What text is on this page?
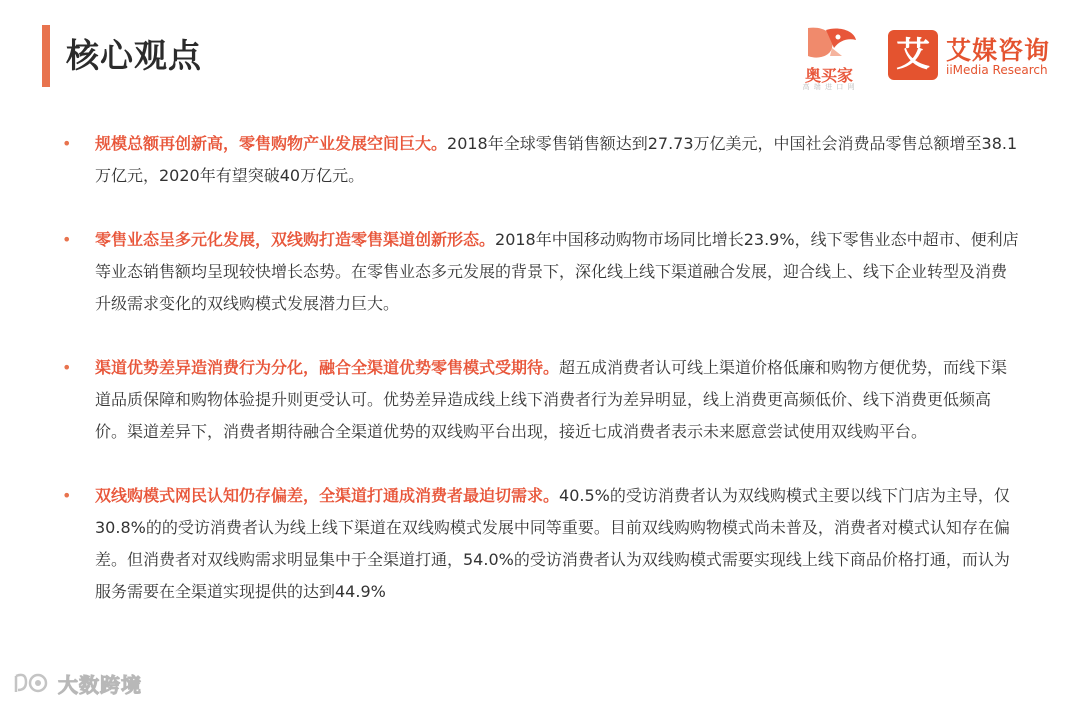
核心观点
奥买家
高 端 进 口 网
艾 艾媒咨询
iiMedia Research
• 规模总额再创新高，零售购物产业发展空间巨大。2018年全球零售销售额达到27.73万亿美元，中国社会消费品零售总额增至38.1万亿元，2020年有望突破40万亿元。
• 零售业态呈多元化发展，双线购打造零售渠道创新形态。2018年中国移动购物市场同比增长23.9%，线下零售业态中超市、便利店等业态销售额均呈现较快增长态势。在零售业态多元发展的背景下，深化线上线下渠道融合发展，迎合线上、线下企业转型及消费升级需求变化的双线购模式发展潜力巨大。
• 渠道优势差异造消费行为分化，融合全渠道优势零售模式受期待。超五成消费者认可线上渠道价格低廉和购物方便优势，而线下渠道品质保障和购物体验提升则更受认可。优势差异造成线上线下消费者行为差异明显，线上消费更高频低价、线下消费更低频高价。渠道差异下，消费者期待融合全渠道优势的双线购平台出现，接近七成消费者表示未来愿意尝试使用双线购平台。
• 双线购模式网民认知仍存偏差，全渠道打通成消费者最迫切需求。40.5%的受访消费者认为双线购模式主要以线下门店为主导，仅30.8%的的受访消费者认为线上线下渠道在双线购模式发展中同等重要。目前双线购购物模式尚未普及，消费者对模式认知存在偏差。但消费者对双线购需求明显集中于全渠道打通，54.0%的受访消费者认为双线购模式需要实现线上线下商品价格打通，而认为服务需要在全渠道实现提供的达到44.9%
大数跨境
